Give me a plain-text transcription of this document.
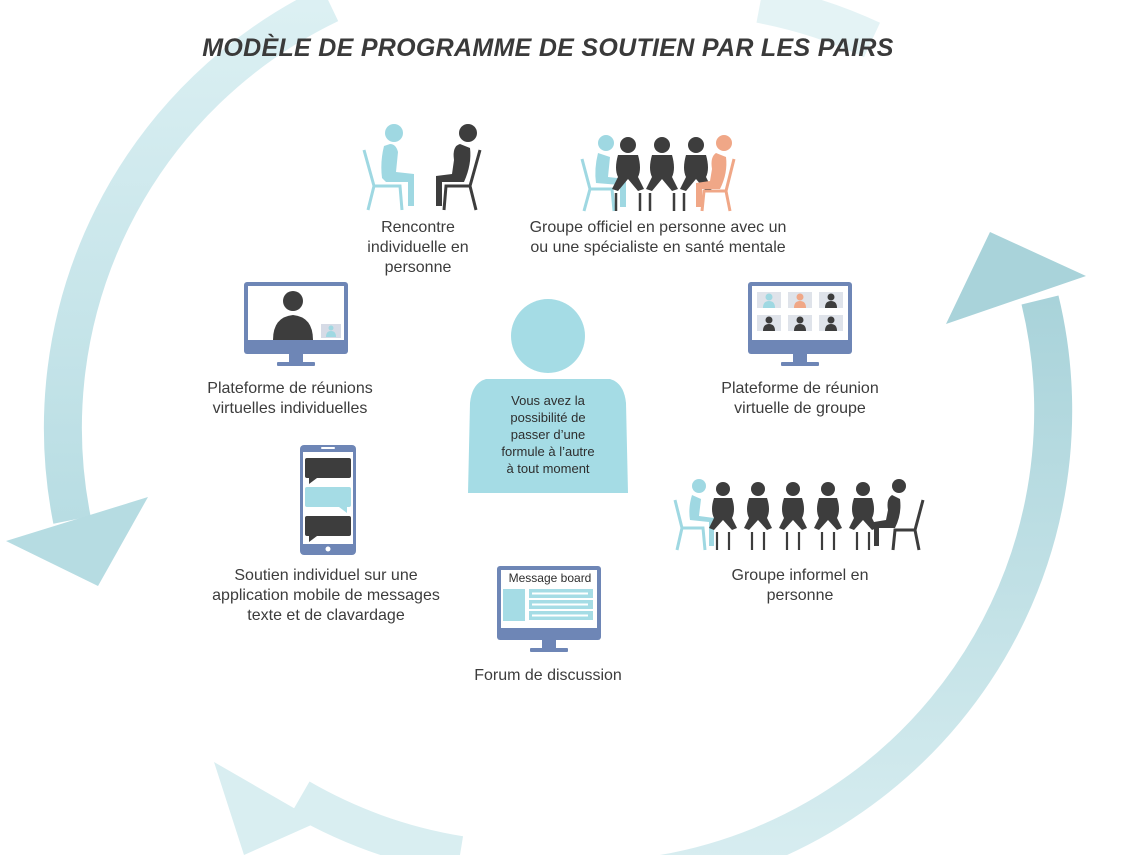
MODÈLE DE PROGRAMME DE SOUTIEN PAR LES PAIRS
Rencontre
individuelle en
personne
Groupe officiel en personne avec un
ou une spécialiste en santé mentale
Plateforme de réunions
virtuelles individuelles
Plateforme de réunion
virtuelle de groupe
Vous avez la
possibilité de
passer d’une
formule à l’autre
à tout moment
Soutien individuel sur une
application mobile de messages
texte et de clavardage
Groupe informel en
personne
Message board
Forum de discussion
